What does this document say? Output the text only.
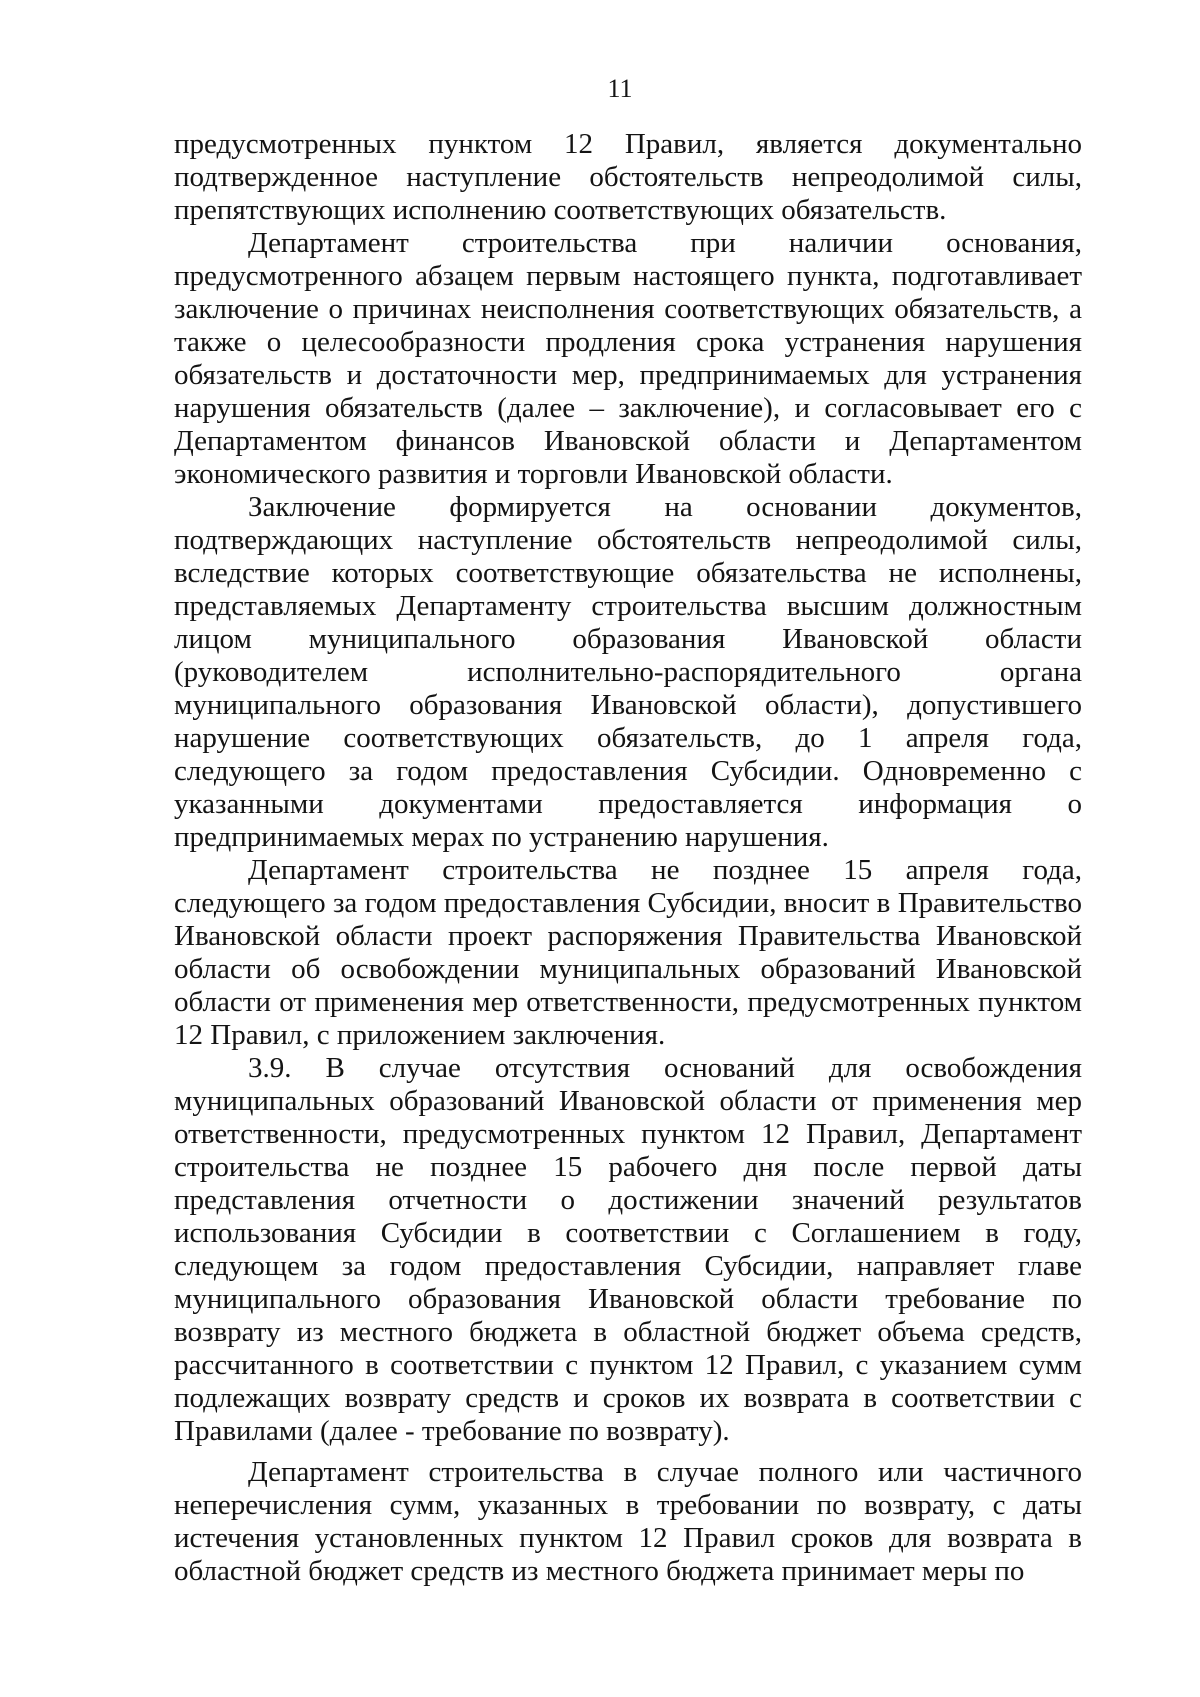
11

предусмотренных пунктом 12 Правил, является документально подтвержденное наступление обстоятельств непреодолимой силы, препятствующих исполнению соответствующих обязательств.

Департамент строительства при наличии основания, предусмотренного абзацем первым настоящего пункта, подготавливает заключение о причинах неисполнения соответствующих обязательств, а также о целесообразности продления срока устранения нарушения обязательств и достаточности мер, предпринимаемых для устранения нарушения обязательств (далее – заключение), и согласовывает его с Департаментом финансов Ивановской области и Департаментом экономического развития и торговли Ивановской области.

Заключение формируется на основании документов, подтверждающих наступление обстоятельств непреодолимой силы, вследствие которых соответствующие обязательства не исполнены, представляемых Департаменту строительства высшим должностным лицом муниципального образования Ивановской области (руководителем исполнительно-распорядительного органа муниципального образования Ивановской области), допустившего нарушение соответствующих обязательств, до 1 апреля года, следующего за годом предоставления Субсидии. Одновременно с указанными документами предоставляется информация о предпринимаемых мерах по устранению нарушения.

Департамент строительства не позднее 15 апреля года, следующего за годом предоставления Субсидии, вносит в Правительство Ивановской области проект распоряжения Правительства Ивановской области об освобождении муниципальных образований Ивановской области от применения мер ответственности, предусмотренных пунктом 12 Правил, с приложением заключения.

3.9. В случае отсутствия оснований для освобождения муниципальных образований Ивановской области от применения мер ответственности, предусмотренных пунктом 12 Правил, Департамент строительства не позднее 15 рабочего дня после первой даты представления отчетности о достижении значений результатов использования Субсидии в соответствии с Соглашением в году, следующем за годом предоставления Субсидии, направляет главе муниципального образования Ивановской области требование по возврату из местного бюджета в областной бюджет объема средств, рассчитанного в соответствии с пунктом 12 Правил, с указанием сумм подлежащих возврату средств и сроков их возврата в соответствии с Правилами (далее - требование по возврату).

Департамент строительства в случае полного или частичного неперечисления сумм, указанных в требовании по возврату, с даты истечения установленных пунктом 12 Правил сроков для возврата в областной бюджет средств из местного бюджета принимает меры по
